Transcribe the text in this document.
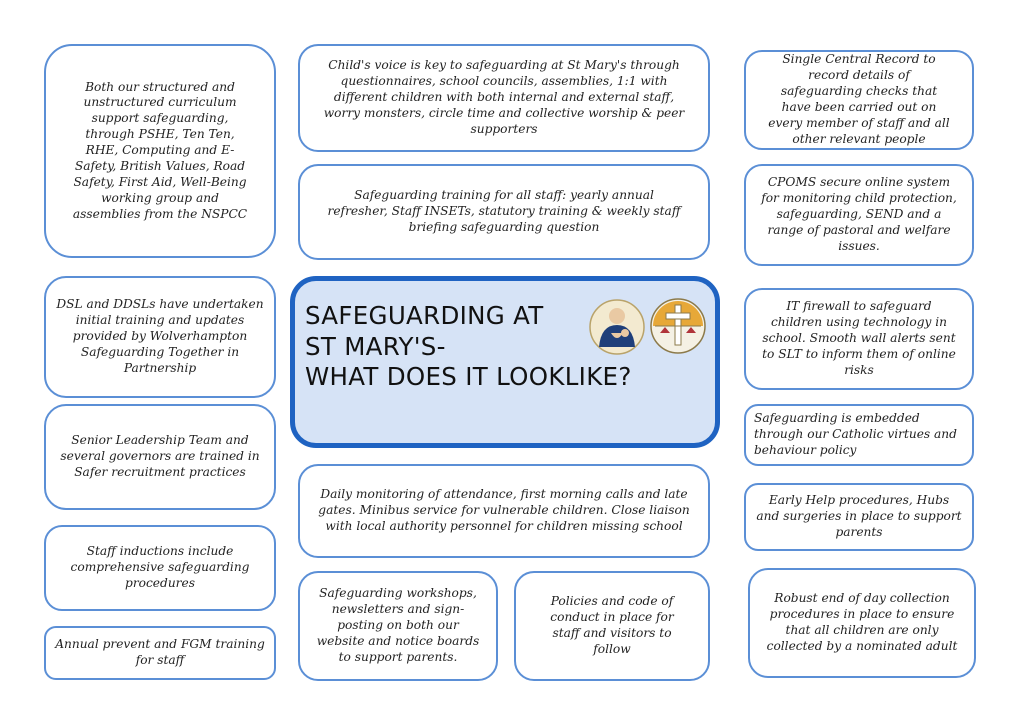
Both our structured and unstructured curriculum support safeguarding, through PSHE, Ten Ten, RHE, Computing and E-Safety, British Values, Road Safety, First Aid, Well-Being working group and assemblies from the NSPCC
DSL and DDSLs have undertaken initial training and updates provided by Wolverhampton Safeguarding Together in Partnership
Senior Leadership Team and several governors are trained in Safer recruitment practices
Staff inductions include comprehensive safeguarding procedures
Annual prevent and FGM training for staff
Child's voice is key to safeguarding at St Mary's through questionnaires, school councils, assemblies, 1:1 with different children with both internal and external staff, worry monsters, circle time and collective worship & peer supporters
Safeguarding training for all staff: yearly annual refresher, Staff INSETs, statutory training & weekly staff briefing safeguarding question
SAFEGUARDING AT
ST MARY'S-
WHAT DOES IT LOOKLIKE?
Daily monitoring of attendance, first morning calls and late gates. Minibus service for vulnerable children. Close liaison with local authority personnel for children missing school
Safeguarding workshops, newsletters and sign-posting on both our website and notice boards to support parents.
Policies and code of conduct in place for staff and visitors to follow
Single Central Record to record details of safeguarding checks that have been carried out on every member of staff and all other relevant people
CPOMS secure online system for monitoring child protection, safeguarding, SEND and a range of pastoral and welfare issues.
IT firewall to safeguard children using technology in school. Smooth wall alerts sent to SLT to inform them of online risks
Safeguarding is embedded through our Catholic virtues and behaviour policy
Early Help procedures, Hubs and surgeries in place to support parents
Robust end of day collection procedures in place to ensure that all children are only collected by a nominated adult
